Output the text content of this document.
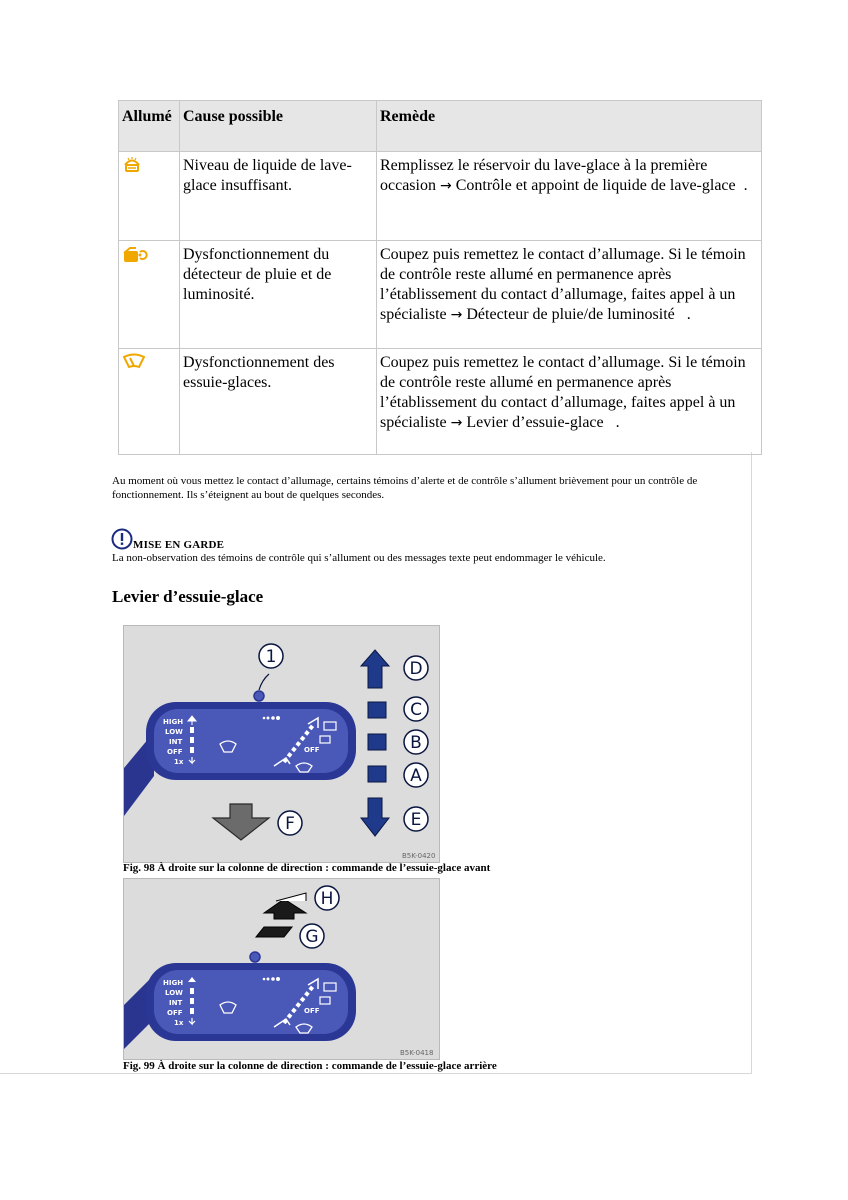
Allumé	Cause possible	Remède
	Niveau de liquide de lave-glace insuffisant.	Remplissez le réservoir du lave-glace à la première occasion → Contrôle et appoint de liquide de lave-glace .
	Dysfonctionnement du détecteur de pluie et de luminosité.	Coupez puis remettez le contact d’allumage. Si le témoin de contrôle reste allumé en permanence après l’établissement du contact d’allumage, faites appel à un spécialiste → Détecteur de pluie/de luminosité .
	Dysfonctionnement des essuie-glaces.	Coupez puis remettez le contact d’allumage. Si le témoin de contrôle reste allumé en permanence après l’établissement du contact d’allumage, faites appel à un spécialiste → Levier d’essuie-glace .
Au moment où vous mettez le contact d’allumage, certains témoins d’alerte et de contrôle s’allument brièvement pour un contrôle de fonctionnement. Ils s’éteignent au bout de quelques secondes.
MISE EN GARDE
La non-observation des témoins de contrôle qui s’allument ou des messages texte peut endommager le véhicule.
Levier d’essuie-glace
1
HIGH
LOW
INT
OFF
1x
OFF
D
C
B
A
E
F
B5K-0420
Fig. 98 À droite sur la colonne de direction : commande de l’essuie-glace avant
H
G
HIGH
LOW
INT
OFF
1x
OFF
B5K-0418
Fig. 99 À droite sur la colonne de direction : commande de l’essuie-glace arrière
